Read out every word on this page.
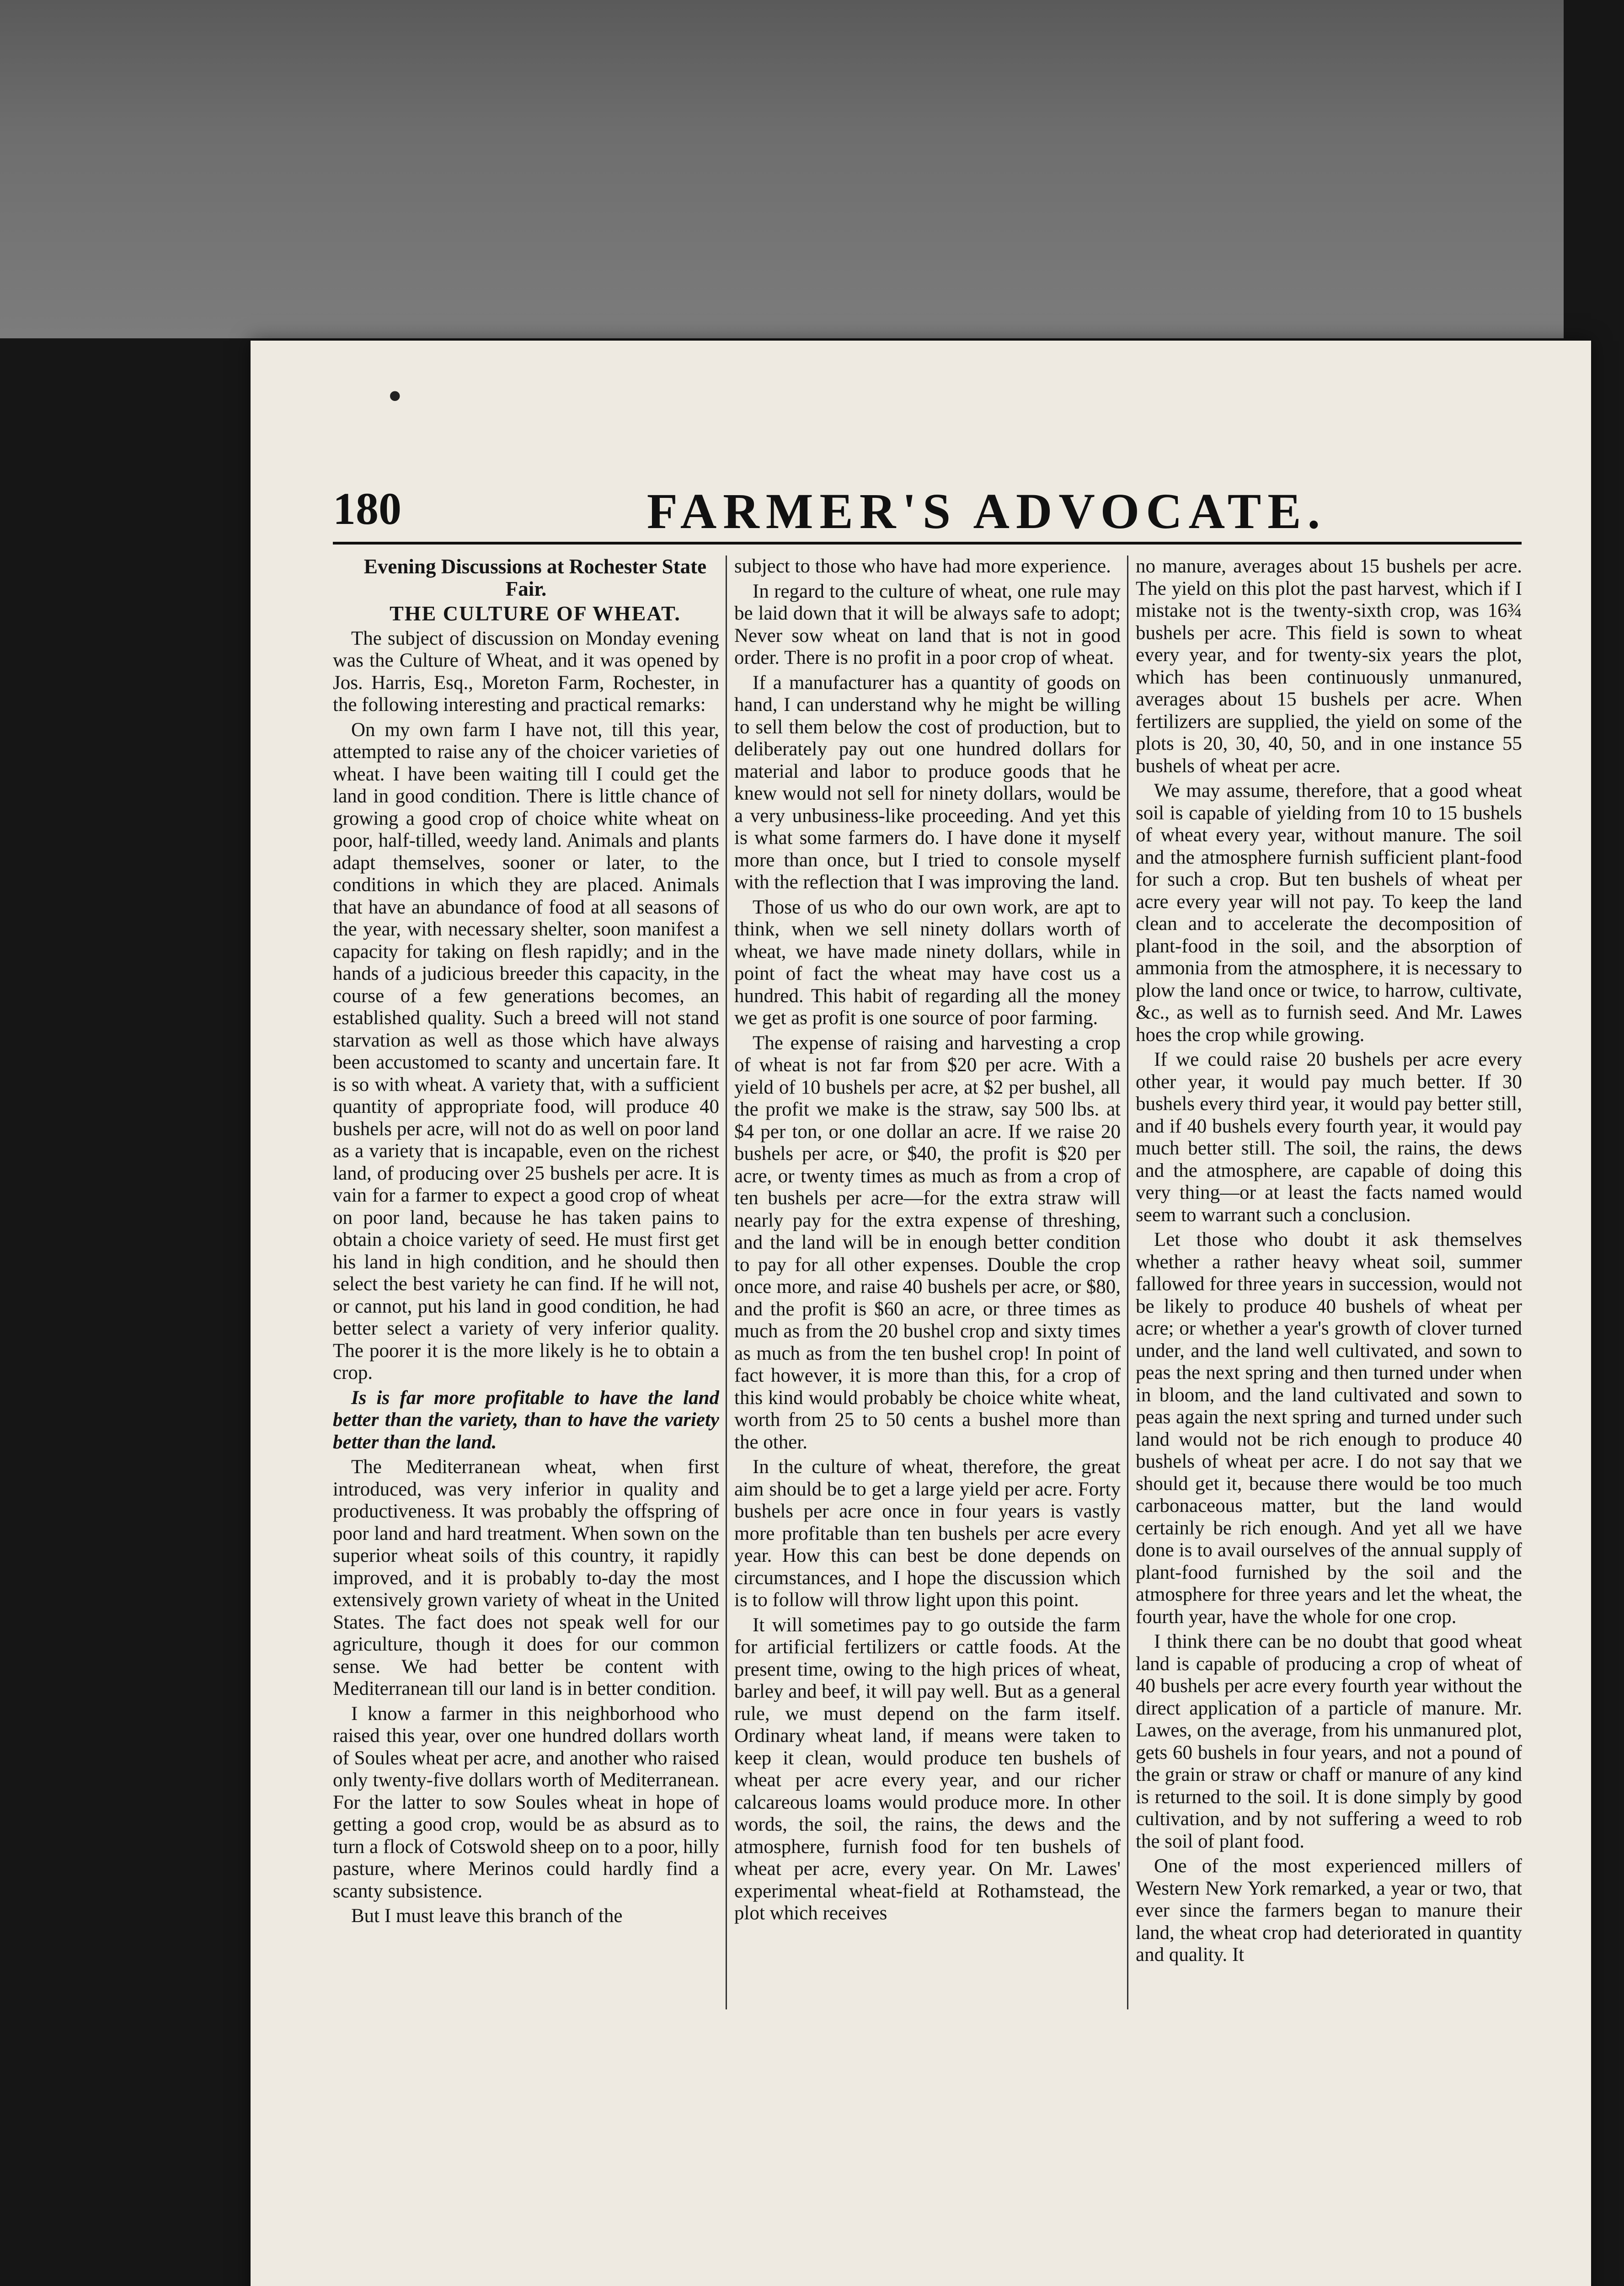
•
180	FARMER'S ADVOCATE.

Evening Discussions at Rochester State Fair.

THE CULTURE OF WHEAT.

The subject of discussion on Monday evening was the Culture of Wheat, and it was opened by Jos. Harris, Esq., Moreton Farm, Rochester, in the following interesting and practical remarks:

On my own farm I have not, till this year, attempted to raise any of the choicer varieties of wheat. I have been waiting till I could get the land in good condition. There is little chance of growing a good crop of choice white wheat on poor, half-tilled, weedy land. Animals and plants adapt themselves, sooner or later, to the conditions in which they are placed. Animals that have an abundance of food at all seasons of the year, with necessary shelter, soon manifest a capacity for taking on flesh rapidly; and in the hands of a judicious breeder this capacity, in the course of a few generations becomes, an established quality. Such a breed will not stand starvation as well as those which have always been accustomed to scanty and uncertain fare. It is so with wheat. A variety that, with a sufficient quantity of appropriate food, will produce 40 bushels per acre, will not do as well on poor land as a variety that is incapable, even on the richest land, of producing over 25 bushels per acre. It is vain for a farmer to expect a good crop of wheat on poor land, because he has taken pains to obtain a choice variety of seed. He must first get his land in high condition, and he should then select the best variety he can find. If he will not, or cannot, put his land in good condition, he had better select a variety of very inferior quality. The poorer it is the more likely is he to obtain a crop.

Is is far more profitable to have the land better than the variety, than to have the variety better than the land.

The Mediterranean wheat, when first introduced, was very inferior in quality and productiveness. It was probably the offspring of poor land and hard treatment. When sown on the superior wheat soils of this country, it rapidly improved, and it is probably to-day the most extensively grown variety of wheat in the United States. The fact does not speak well for our agriculture, though it does for our common sense. We had better be content with Mediterranean till our land is in better condition.

I know a farmer in this neighborhood who raised this year, over one hundred dollars worth of Soules wheat per acre, and another who raised only twenty-five dollars worth of Mediterranean. For the latter to sow Soules wheat in hope of getting a good crop, would be as absurd as to turn a flock of Cotswold sheep on to a poor, hilly pasture, where Merinos could hardly find a scanty subsistence.

But I must leave this branch of the

subject to those who have had more experience.

In regard to the culture of wheat, one rule may be laid down that it will be always safe to adopt; Never sow wheat on land that is not in good order. There is no profit in a poor crop of wheat.

If a manufacturer has a quantity of goods on hand, I can understand why he might be willing to sell them below the cost of production, but to deliberately pay out one hundred dollars for material and labor to produce goods that he knew would not sell for ninety dollars, would be a very unbusiness-like proceeding. And yet this is what some farmers do. I have done it myself more than once, but I tried to console myself with the reflection that I was improving the land.

Those of us who do our own work, are apt to think, when we sell ninety dollars worth of wheat, we have made ninety dollars, while in point of fact the wheat may have cost us a hundred. This habit of regarding all the money we get as profit is one source of poor farming.

The expense of raising and harvesting a crop of wheat is not far from $20 per acre. With a yield of 10 bushels per acre, at $2 per bushel, all the profit we make is the straw, say 500 lbs. at $4 per ton, or one dollar an acre. If we raise 20 bushels per acre, or $40, the profit is $20 per acre, or twenty times as much as from a crop of ten bushels per acre—for the extra straw will nearly pay for the extra expense of threshing, and the land will be in enough better condition to pay for all other expenses. Double the crop once more, and raise 40 bushels per acre, or $80, and the profit is $60 an acre, or three times as much as from the 20 bushel crop and sixty times as much as from the ten bushel crop! In point of fact however, it is more than this, for a crop of this kind would probably be choice white wheat, worth from 25 to 50 cents a bushel more than the other.

In the culture of wheat, therefore, the great aim should be to get a large yield per acre. Forty bushels per acre once in four years is vastly more profitable than ten bushels per acre every year. How this can best be done depends on circumstances, and I hope the discussion which is to follow will throw light upon this point.

It will sometimes pay to go outside the farm for artificial fertilizers or cattle foods. At the present time, owing to the high prices of wheat, barley and beef, it will pay well. But as a general rule, we must depend on the farm itself. Ordinary wheat land, if means were taken to keep it clean, would produce ten bushels of wheat per acre every year, and our richer calcareous loams would produce more. In other words, the soil, the rains, the dews and the atmosphere, furnish food for ten bushels of wheat per acre, every year. On Mr. Lawes' experimental wheat-field at Rothamstead, the plot which receives

no manure, averages about 15 bushels per acre. The yield on this plot the past harvest, which if I mistake not is the twenty-sixth crop, was 16¾ bushels per acre. This field is sown to wheat every year, and for twenty-six years the plot, which has been continuously unmanured, averages about 15 bushels per acre. When fertilizers are supplied, the yield on some of the plots is 20, 30, 40, 50, and in one instance 55 bushels of wheat per acre.

We may assume, therefore, that a good wheat soil is capable of yielding from 10 to 15 bushels of wheat every year, without manure. The soil and the atmosphere furnish sufficient plant-food for such a crop. But ten bushels of wheat per acre every year will not pay. To keep the land clean and to accelerate the decomposition of plant-food in the soil, and the absorption of ammonia from the atmosphere, it is necessary to plow the land once or twice, to harrow, cultivate, &c., as well as to furnish seed. And Mr. Lawes hoes the crop while growing.

If we could raise 20 bushels per acre every other year, it would pay much better. If 30 bushels every third year, it would pay better still, and if 40 bushels every fourth year, it would pay much better still. The soil, the rains, the dews and the atmosphere, are capable of doing this very thing—or at least the facts named would seem to warrant such a conclusion.

Let those who doubt it ask themselves whether a rather heavy wheat soil, summer fallowed for three years in succession, would not be likely to produce 40 bushels of wheat per acre; or whether a year's growth of clover turned under, and the land well cultivated, and sown to peas the next spring and then turned under when in bloom, and the land cultivated and sown to peas again the next spring and turned under such land would not be rich enough to produce 40 bushels of wheat per acre. I do not say that we should get it, because there would be too much carbonaceous matter, but the land would certainly be rich enough. And yet all we have done is to avail ourselves of the annual supply of plant-food furnished by the soil and the atmosphere for three years and let the wheat, the fourth year, have the whole for one crop.

I think there can be no doubt that good wheat land is capable of producing a crop of wheat of 40 bushels per acre every fourth year without the direct application of a particle of manure. Mr. Lawes, on the average, from his unmanured plot, gets 60 bushels in four years, and not a pound of the grain or straw or chaff or manure of any kind is returned to the soil. It is done simply by good cultivation, and by not suffering a weed to rob the soil of plant food.

One of the most experienced millers of Western New York remarked, a year or two, that ever since the farmers began to manure their land, the wheat crop had deteriorated in quantity and quality. It
